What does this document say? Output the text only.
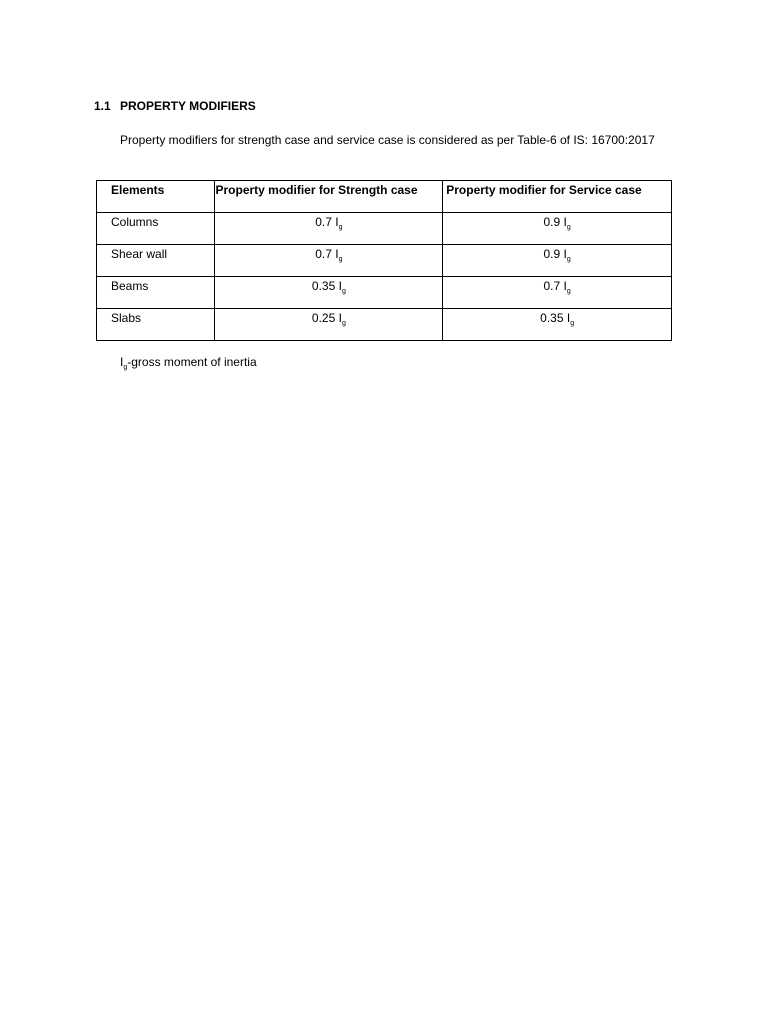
1.1 PROPERTY MODIFIERS
Property modifiers for strength case and service case is considered as per Table-6 of IS: 16700:2017
Elements	Property modifier for Strength case	Property modifier for Service case
Columns	0.7 $I_g$	0.9 $I_g$
Shear wall	0.7 $I_g$	0.9 $I_g$
Beams	0.35 $I_g$	0.7 $I_g$
Slabs	0.25 $I_g$	0.35 $I_g$
$I_g$-gross moment of inertia
